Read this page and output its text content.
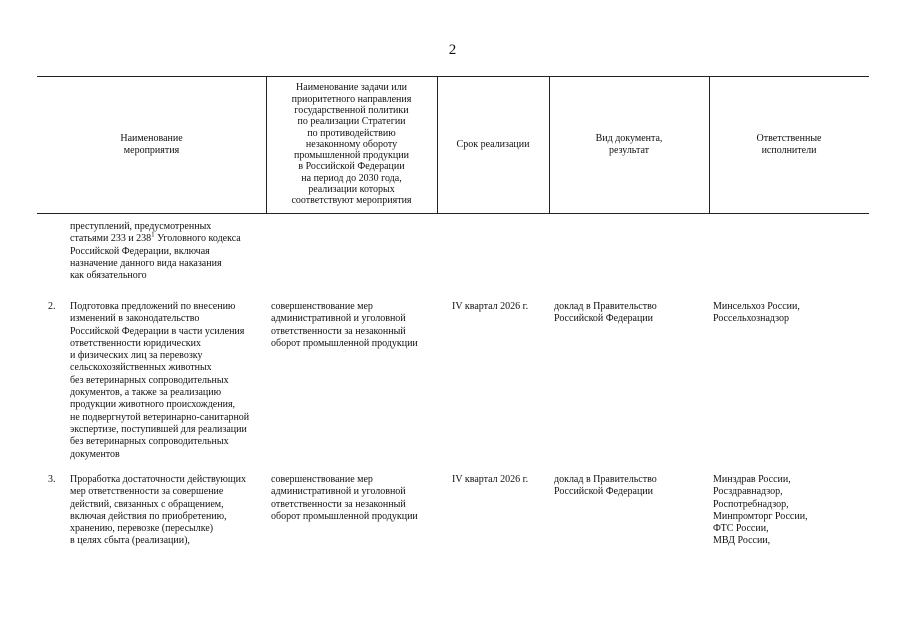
2
Наименование
мероприятия
Наименование задачи или
приоритетного направления
государственной политики
по реализации Стратегии
по противодействию
незаконному обороту
промышленной продукции
в Российской Федерации
на период до 2030 года,
реализации которых
соответствуют мероприятия
Срок реализации
Вид документа,
результат
Ответственные
исполнители
преступлений, предусмотренных
статьями 233 и $238^1$ Уголовного кодекса
Российской Федерации, включая
назначение данного вида наказания
как обязательного
2. Подготовка предложений по внесению
изменений в законодательство
Российской Федерации в части усиления
ответственности юридических
и физических лиц за перевозку
сельскохозяйственных животных
без ветеринарных сопроводительных
документов, а также за реализацию
продукции животного происхождения,
не подвергнутой ветеринарно-санитарной
экспертизе, поступившей для реализации
без ветеринарных сопроводительных
документов
совершенствование мер
административной и уголовной
ответственности за незаконный
оборот промышленной продукции
IV квартал 2026 г.	доклад в Правительство
Российской Федерации
Минсельхоз России,
Россельхознадзор
3. Проработка достаточности действующих
мер ответственности за совершение
действий, связанных с обращением,
включая действия по приобретению,
хранению, перевозке (пересылке)
в целях сбыта (реализации),
совершенствование мер
административной и уголовной
ответственности за незаконный
оборот промышленной продукции
IV квартал 2026 г.	доклад в Правительство
Российской Федерации
Минздрав России,
Росздравнадзор,
Роспотребнадзор,
Минпромторг России,
ФТС России,
МВД России,
